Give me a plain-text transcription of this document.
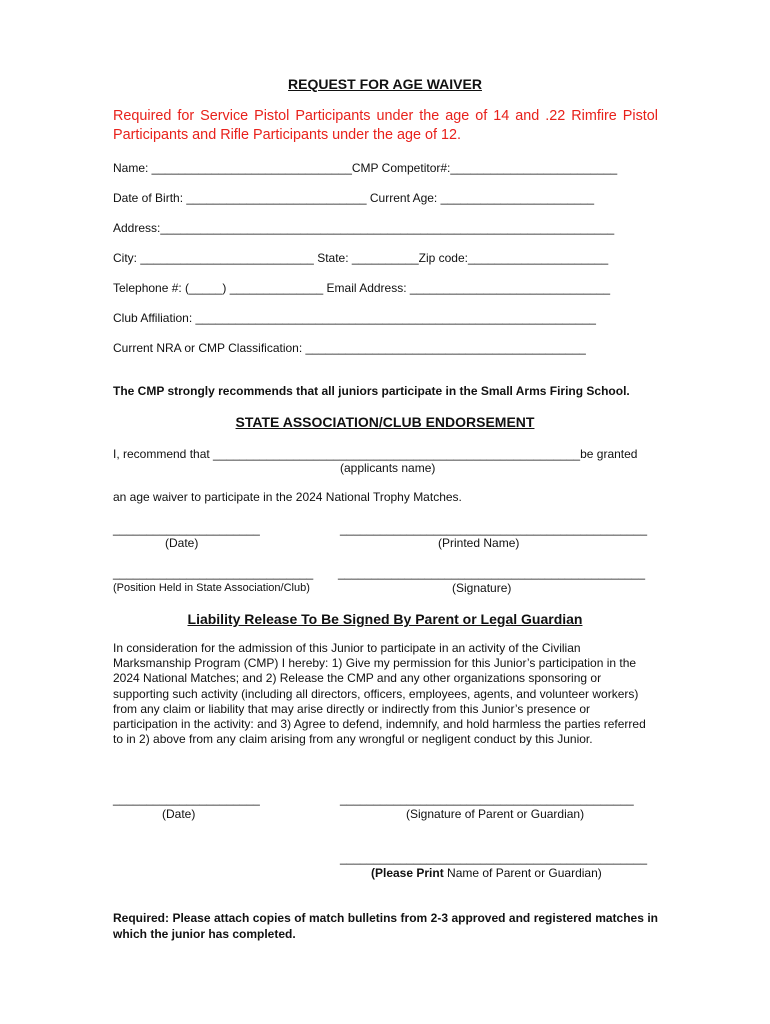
REQUEST FOR AGE WAIVER
Required for Service Pistol Participants under the age of 14 and .22 Rimfire Pistol Participants and Rifle Participants under the age of 12.
Name: ______________________________CMP Competitor#:_________________________
Date of Birth: ___________________________ Current Age: _______________________
Address:____________________________________________________________________
City: __________________________ State: __________Zip code:_____________________
Telephone #: (_____) ______________ Email Address: ______________________________
Club Affiliation: ____________________________________________________________
Current NRA or CMP Classification: __________________________________________
The CMP strongly recommends that all juniors participate in the Small Arms Firing School.
STATE ASSOCIATION/CLUB ENDORSEMENT
I, recommend that _______________________________________________________be granted
(applicants name)
an age waiver to participate in the 2024 National Trophy Matches.
______________________	______________________________________________
(Date)	(Printed Name)
______________________________ ______________________________________________
(Position Held in State Association/Club)	(Signature)
Liability Release To Be Signed By Parent or Legal Guardian
In consideration for the admission of this Junior to participate in an activity of the Civilian Marksmanship Program (CMP) I hereby: 1) Give my permission for this Junior’s participation in the 2024 National Matches; and 2) Release the CMP and any other organizations sponsoring or supporting such activity (including all directors, officers, employees, agents, and volunteer workers) from any claim or liability that may arise directly or indirectly from this Junior’s presence or participation in the activity: and 3) Agree to defend, indemnify, and hold harmless the parties referred to in 2) above from any claim arising from any wrongful or negligent conduct by this Junior.
______________________	____________________________________________
(Date)	(Signature of Parent or Guardian)
______________________________________________
(Please Print Name of Parent or Guardian)
Required: Please attach copies of match bulletins from 2-3 approved and registered matches in which the junior has completed.
